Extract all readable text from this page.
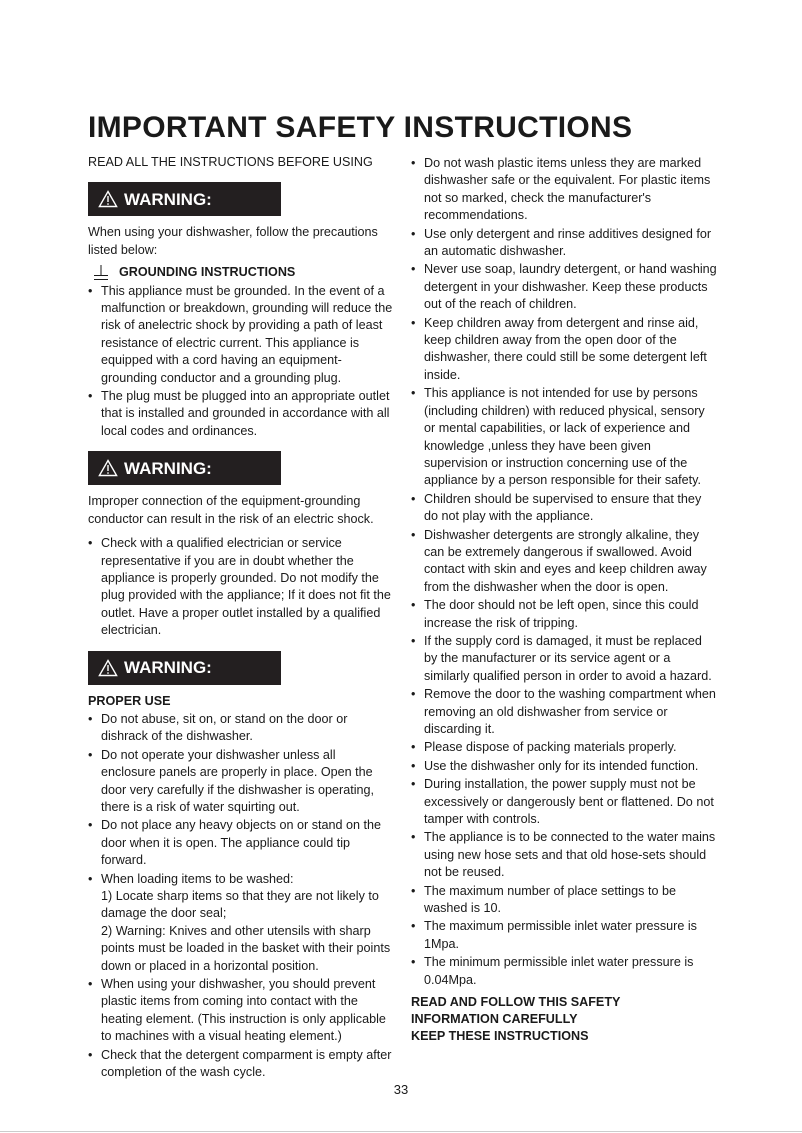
IMPORTANT SAFETY INSTRUCTIONS

READ ALL THE INSTRUCTIONS BEFORE USING

WARNING:

When using your dishwasher, follow the precautions listed below:

GROUNDING INSTRUCTIONS
• This appliance must be grounded. In the event of a malfunction or breakdown, grounding will reduce the risk of anelectric shock by providing a path of least resistance of electric current. This appliance is equipped with a cord having an equipment-grounding conductor and a grounding plug.
• The plug must be plugged into an appropriate outlet that is installed and grounded in accordance with all local codes and ordinances.
WARNING:

Improper connection of the equipment-grounding conductor can result in the risk of an electric shock.

• Check with a qualified electrician or service representative if you are in doubt whether the appliance is properly grounded. Do not modify the plug provided with the appliance; If it does not fit the outlet. Have a proper outlet installed by a qualified electrician.
WARNING:

PROPER USE

• Do not abuse, sit on, or stand on the door or dishrack of the dishwasher.
• Do not operate your dishwasher unless all enclosure panels are properly in place. Open the door very carefully if the dishwasher is operating, there is a risk of water squirting out.
• Do not place any heavy objects on or stand on the door when it is open. The appliance could tip forward.
• When loading items to be washed:
1) Locate sharp items so that they are not likely to damage the door seal;
2) Warning: Knives and other utensils with sharp points must be loaded in the basket with their points down or placed in a horizontal position.
• When using your dishwasher, you should prevent plastic items from coming into contact with the heating element. (This instruction is only applicable to machines with a visual heating element.)
• Check that the detergent comparment is empty after completion of the wash cycle.
• Do not wash plastic items unless they are marked dishwasher safe or the equivalent. For plastic items not so marked, check the manufacturer's recommendations.
• Use only detergent and rinse additives designed for an automatic dishwasher.
• Never use soap, laundry detergent, or hand washing detergent in your dishwasher. Keep these products out of the reach of children.
• Keep children away from detergent and rinse aid, keep children away from the open door of the dishwasher, there could still be some detergent left inside.
• This appliance is not intended for use by persons (including children) with reduced physical, sensory or mental capabilities, or lack of experience and knowledge ,unless they have been given supervision or instruction concerning use of the appliance by a person responsible for their safety.
• Children should be supervised to ensure that they do not play with the appliance.
• Dishwasher detergents are strongly alkaline, they can be extremely dangerous if swallowed. Avoid contact with skin and eyes and keep children away from the dishwasher when the door is open.
• The door should not be left open, since this could increase the risk of tripping.
• If the supply cord is damaged, it must be replaced by the manufacturer or its service agent or a similarly qualified person in order to avoid a hazard.
• Remove the door to the washing compartment when removing an old dishwasher from service or discarding it.
• Please dispose of packing materials properly.
• Use the dishwasher only for its intended function.
• During installation, the power supply must not be excessively or dangerously bent or flattened. Do not tamper with controls.
• The appliance is to be connected to the water mains using new hose sets and that old hose-sets should not be reused.
• The maximum number of place settings to be washed is 10.
• The maximum permissible inlet water pressure is 1Mpa.
• The minimum permissible inlet water pressure is 0.04Mpa.
READ AND FOLLOW THIS SAFETY
INFORMATION CAREFULLY
KEEP THESE INSTRUCTIONS
33
